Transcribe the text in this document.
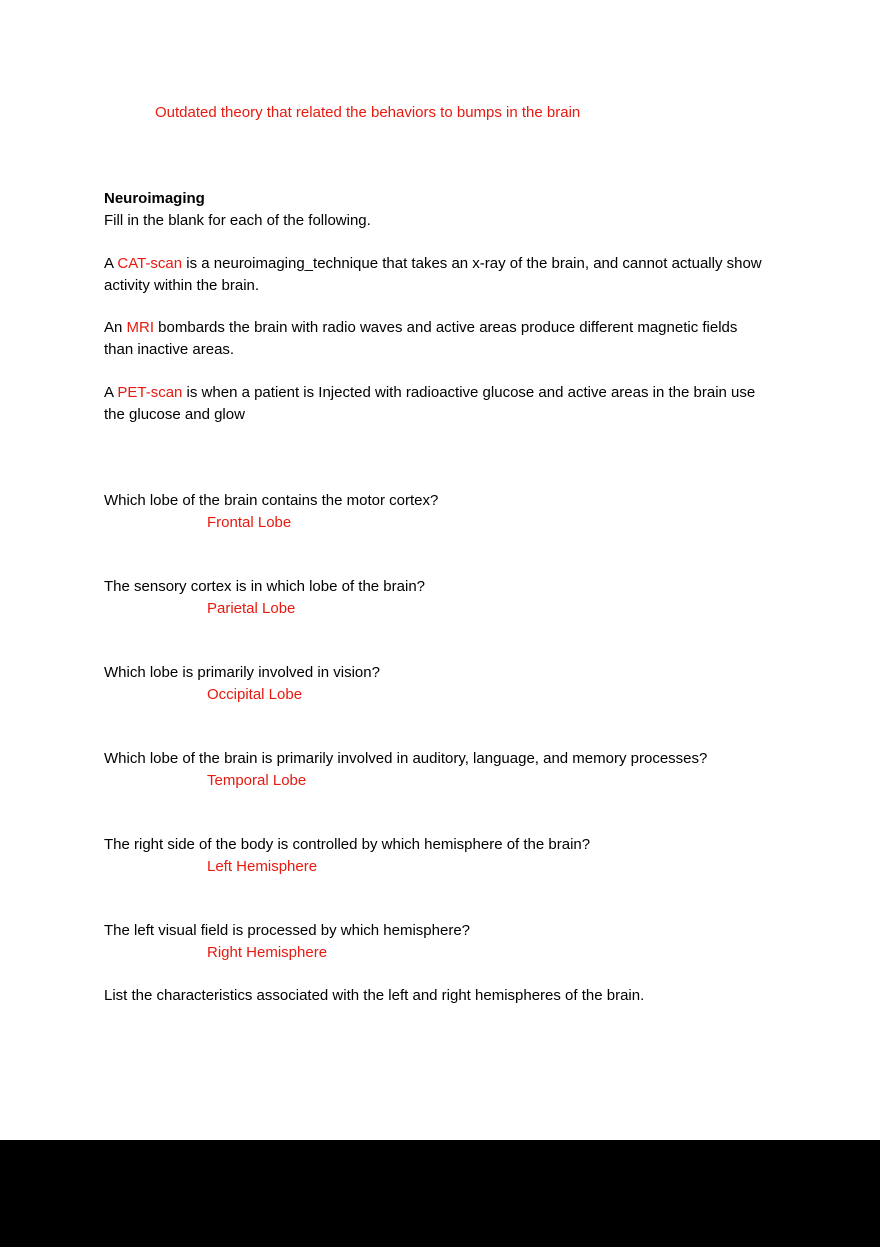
Outdated theory that related the behaviors to bumps in the brain
Neuroimaging
Fill in the blank for each of the following.
A CAT-scan is a neuroimaging_technique that takes an x-ray of the brain, and cannot actually show activity within the brain.
An MRI bombards the brain with radio waves and active areas produce different magnetic fields than inactive areas.
A PET-scan is when a patient is Injected with radioactive glucose and active areas in the brain use the glucose and glow
Which lobe of the brain contains the motor cortex?
Frontal Lobe
The sensory cortex is in which lobe of the brain?
Parietal Lobe
Which lobe is primarily involved in vision?
Occipital Lobe
Which lobe of the brain is primarily involved in auditory, language, and memory processes?
Temporal Lobe
The right side of the body is controlled by which hemisphere of the brain?
Left Hemisphere
The left visual field is processed by which hemisphere?
Right Hemisphere
List the characteristics associated with the left and right hemispheres of the brain.
